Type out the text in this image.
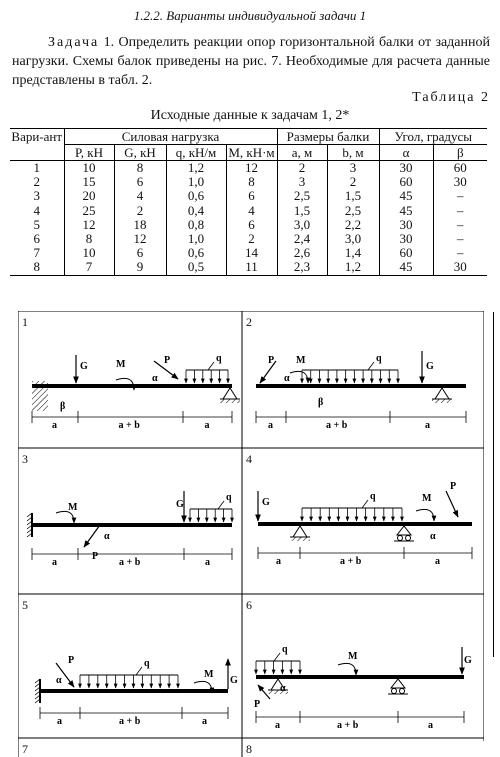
1.2.2. Варианты индивидуальной задачи 1
Задача 1. Определить реакции опор горизонтальной балки от заданной нагрузки. Схемы балок приведены на рис. 7. Необходимые для расчета данные представлены в табл. 2.
Таблица 2
Исходные данные к задачам 1, 2*
Вари-ант	Силовая нагрузка				Размеры балки		Угол, градусы	
	P, кН	G, кН	q, кН/м	M, кН·м	a, м	b, м	α	β
1	10	8	1,2	12	2	3	30	60
2	15	6	1,0	8	3	2	60	30
3	20	4	0,6	6	2,5	1,5	45	–
4	25	2	0,4	4	1,5	2,5	45	–
5	12	18	0,8	6	3,0	2,2	30	–
6	8	12	1,0	2	2,4	3,0	30	–
7	10	6	0,6	14	2,6	1,4	60	–
8	7	9	0,5	11	2,3	1,2	45	30
G	M	P
α
q
β
a	a + b	a
P
α
M	q
G
β
a	a + b	a
M
P
α
G
q
a	a + b	a
G
q
P
M
α
a	a + b	a
P
α
q
M
G
a	a + b	a
q
P
α
M	G
a	a + b	a
1	2
3	4
5	6
7	8
